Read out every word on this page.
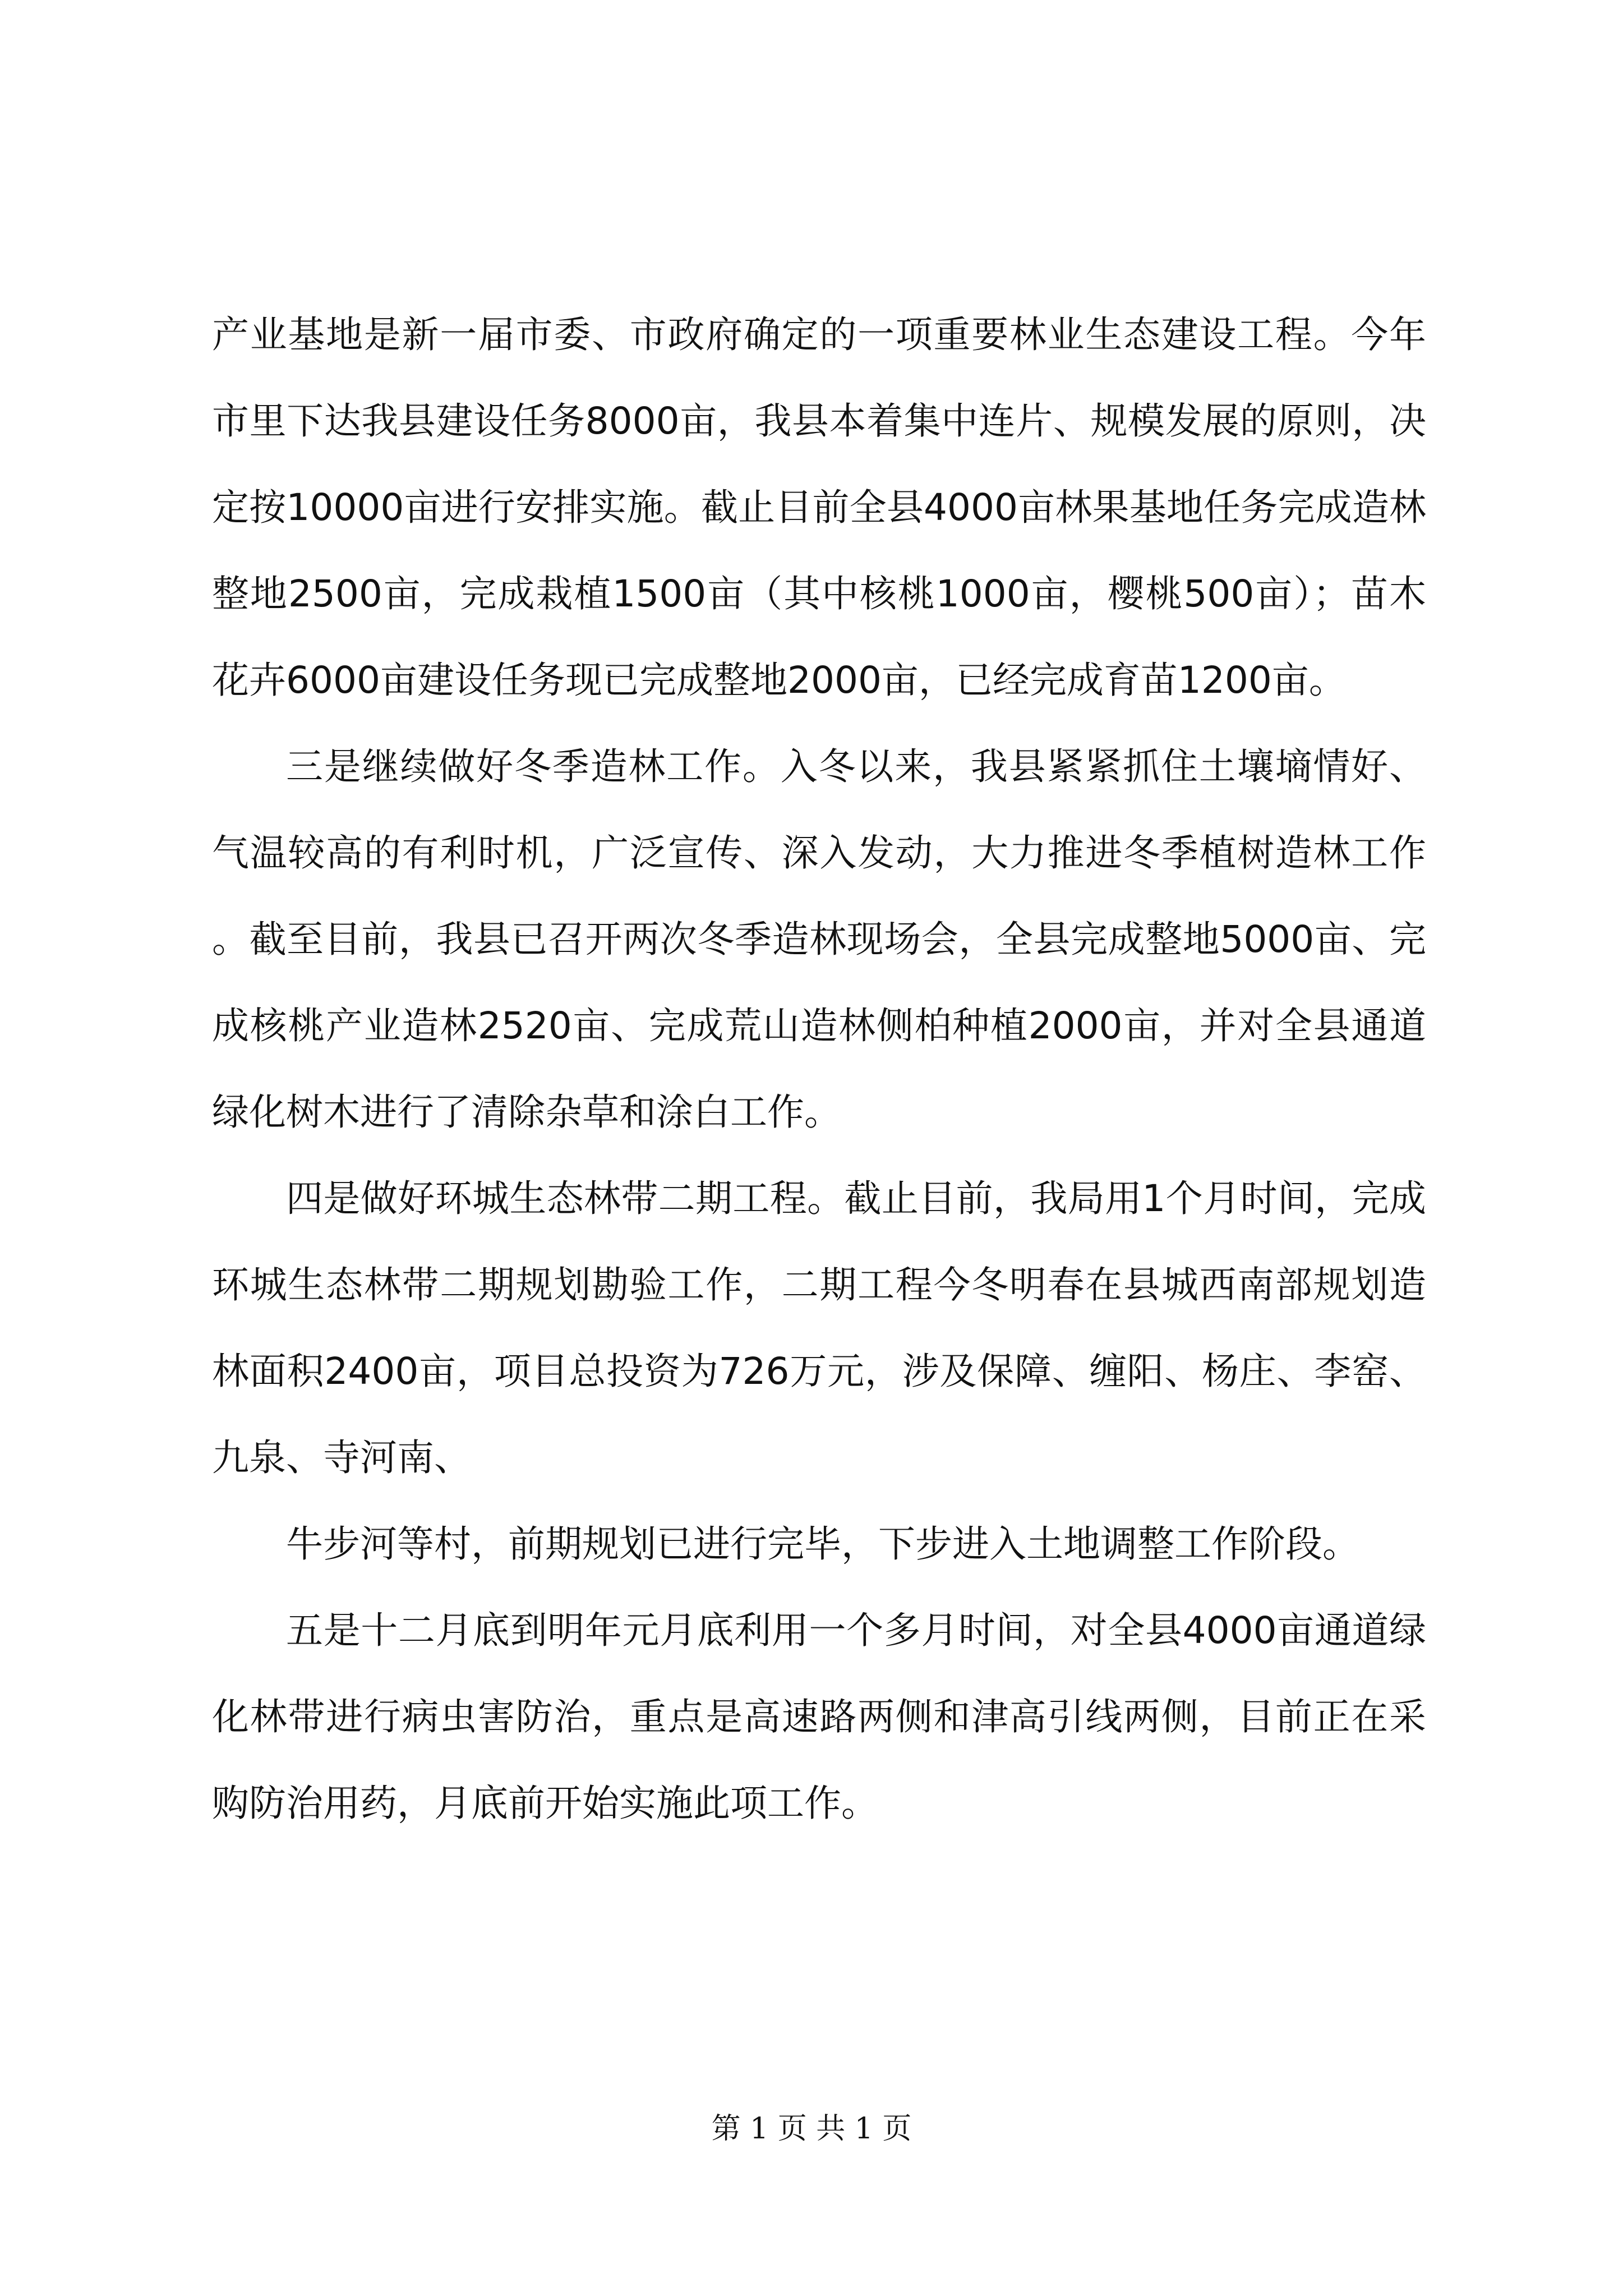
产业基地是新一届市委、市政府确定的一项重要林业生态建设工程。今年市里下达我县建设任务8000亩，我县本着集中连片、规模发展的原则，决定按10000亩进行安排实施。截止目前全县4000亩林果基地任务完成造林整地2500亩，完成栽植1500亩（其中核桃1000亩，樱桃500亩）；苗木花卉6000亩建设任务现已完成整地2000亩，已经完成育苗1200亩。

三是继续做好冬季造林工作。入冬以来，我县紧紧抓住土壤墒情好、气温较高的有利时机，广泛宣传、深入发动，大力推进冬季植树造林工作。截至目前，我县已召开两次冬季造林现场会，全县完成整地5000亩、完成核桃产业造林2520亩、完成荒山造林侧柏种植2000亩，并对全县通道绿化树木进行了清除杂草和涂白工作。

四是做好环城生态林带二期工程。截止目前，我局用1个月时间，完成环城生态林带二期规划勘验工作，二期工程今冬明春在县城西南部规划造林面积2400亩，项目总投资为726万元，涉及保障、缠阳、杨庄、李窑、九泉、寺河南、

牛步河等村，前期规划已进行完毕，下步进入土地调整工作阶段。

五是十二月底到明年元月底利用一个多月时间，对全县4000亩通道绿化林带进行病虫害防治，重点是高速路两侧和津高引线两侧，目前正在采购防治用药，月底前开始实施此项工作。

第 1 页 共 1 页
